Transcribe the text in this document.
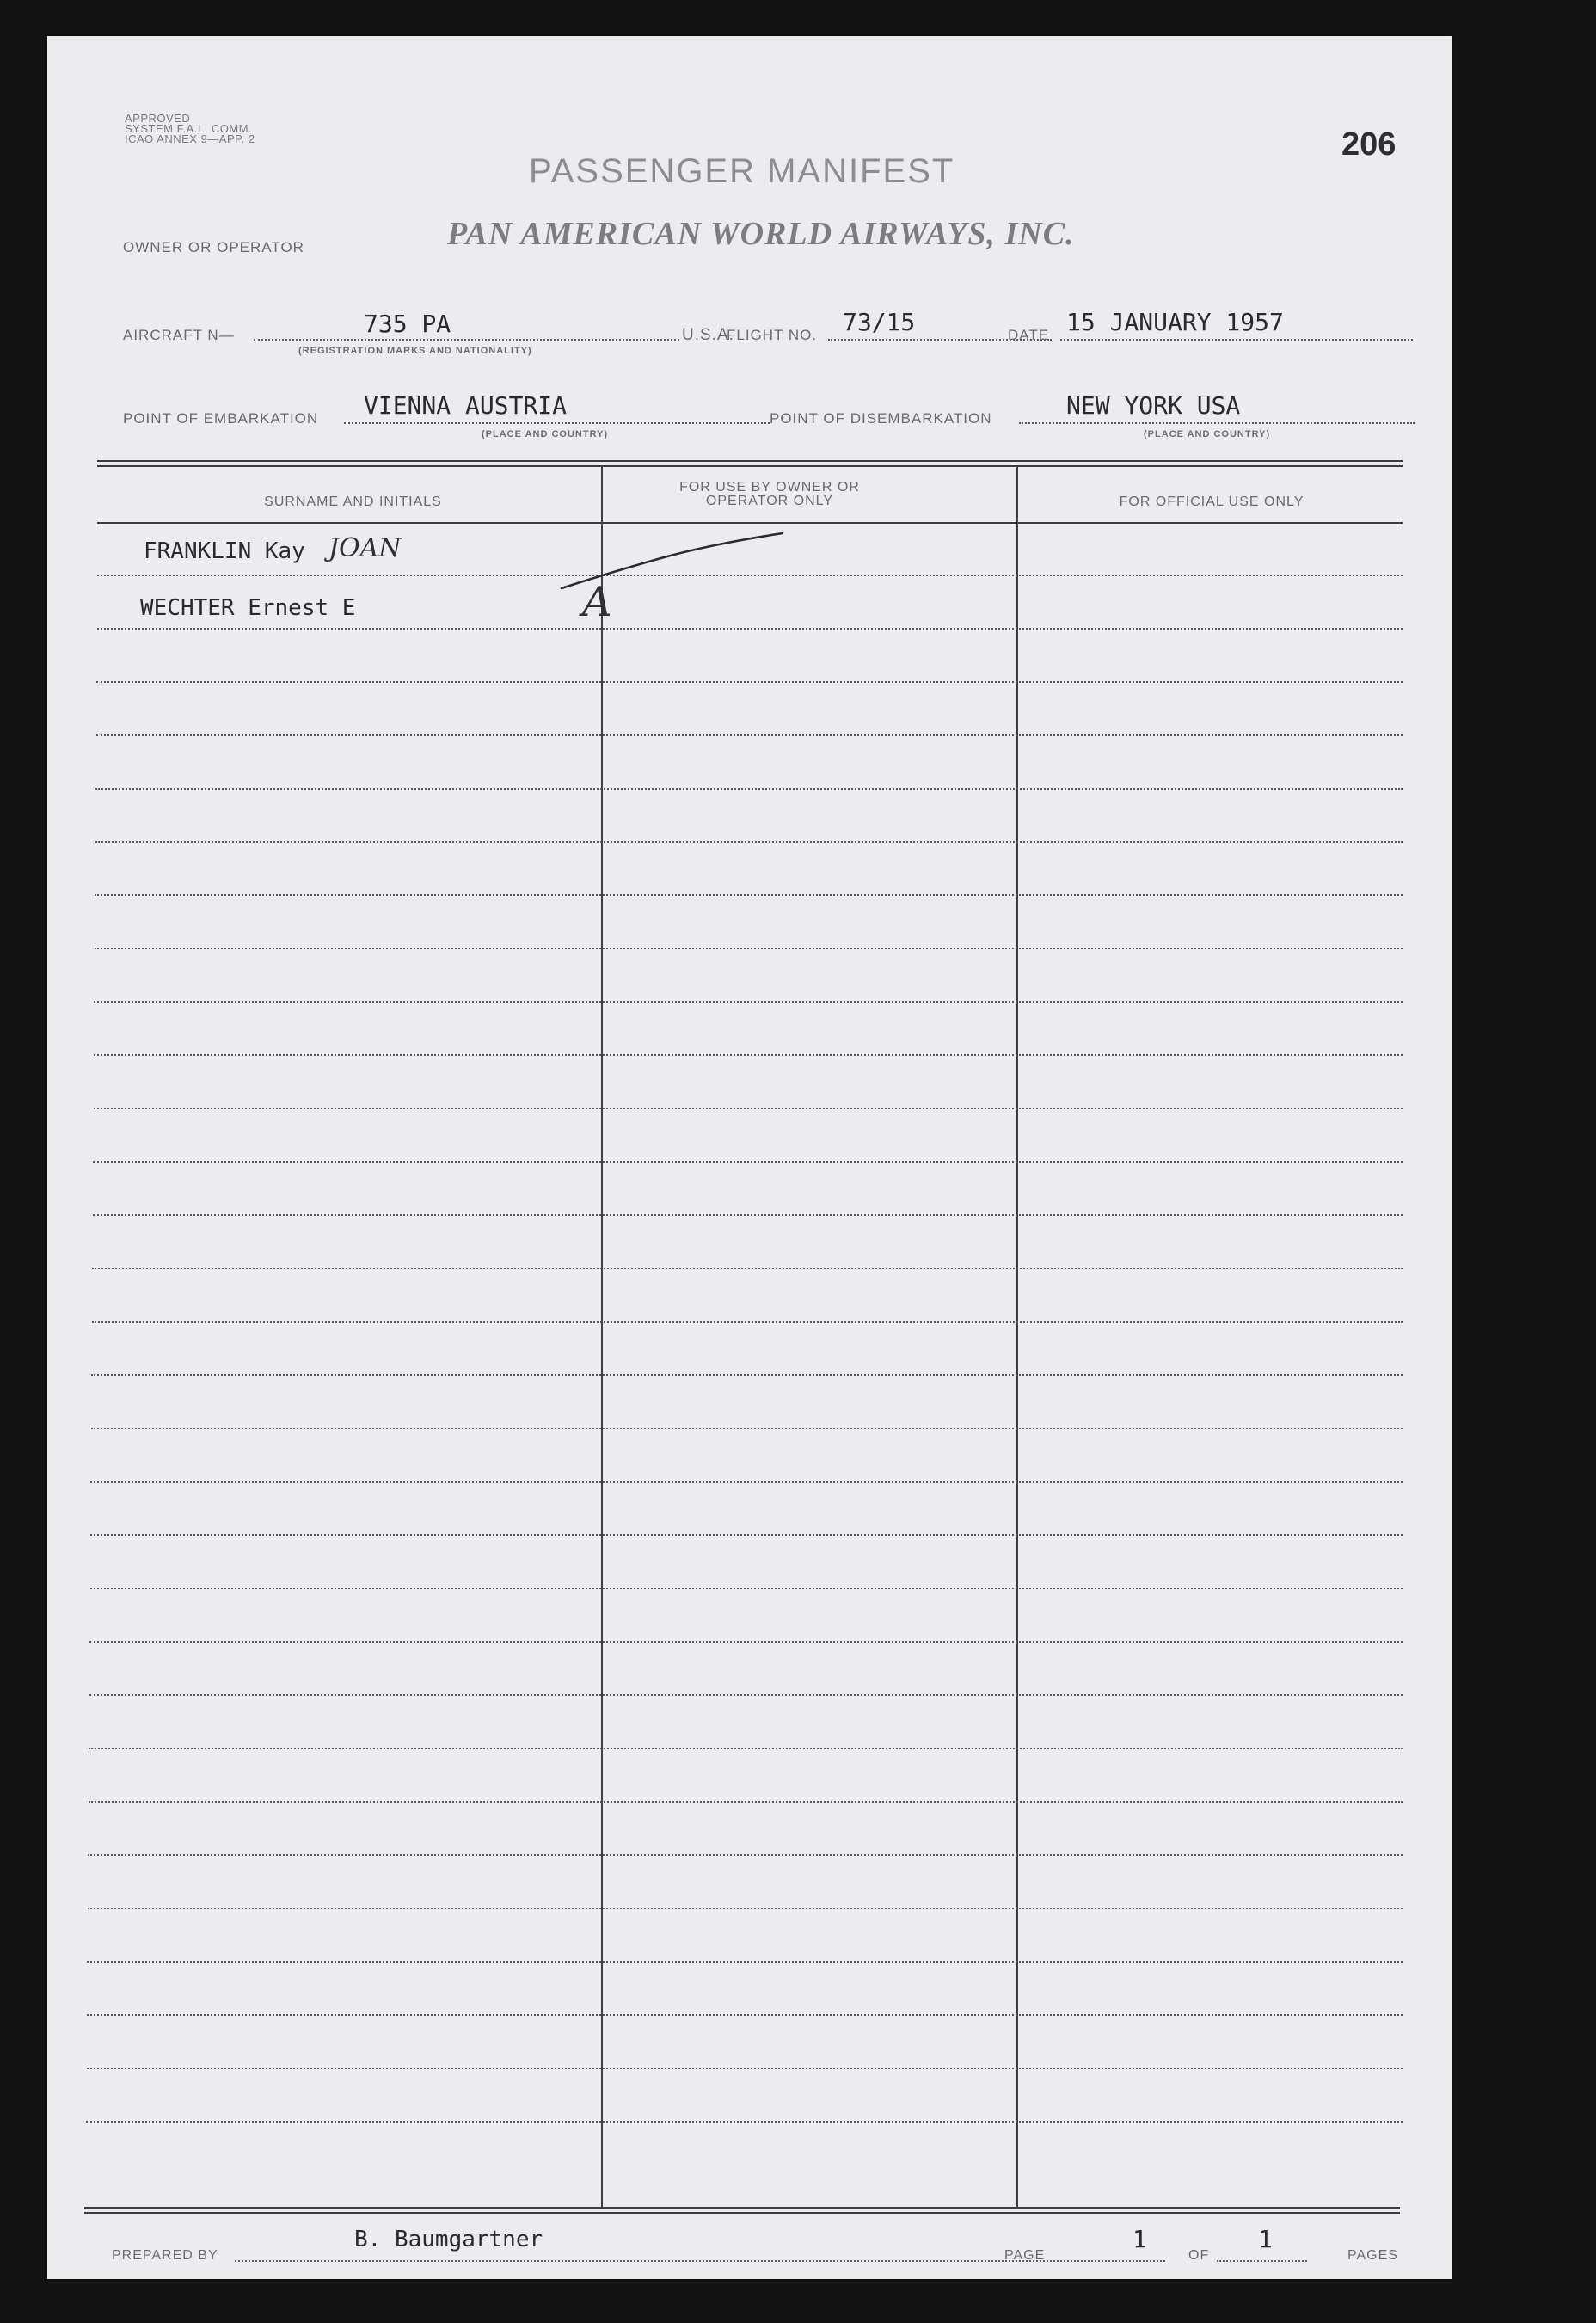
APPROVED
SYSTEM F.A.L. COMM.
ICAO ANNEX 9—APP. 2	206
PASSENGER MANIFEST
OWNER OR OPERATOR	PAN AMERICAN WORLD AIRWAYS, INC.
AIRCRAFT N—	735 PA
(REGISTRATION MARKS AND NATIONALITY)
U.S.A.
FLIGHT NO. 73/15	DATE 15 JANUARY 1957
POINT OF EMBARKATION VIENNA AUSTRIA
(PLACE AND COUNTRY)
POINT OF DISEMBARKATION	NEW YORK USA
(PLACE AND COUNTRY)
SURNAME AND INITIALS
FOR USE BY OWNER OR OPERATOR ONLY	FOR OFFICIAL USE ONLY
FRANKLIN Kay JOAN
WECHTER Ernest E	A
PREPARED BY
B. Baumgartner
PAGE
1
OF
1
PAGES
